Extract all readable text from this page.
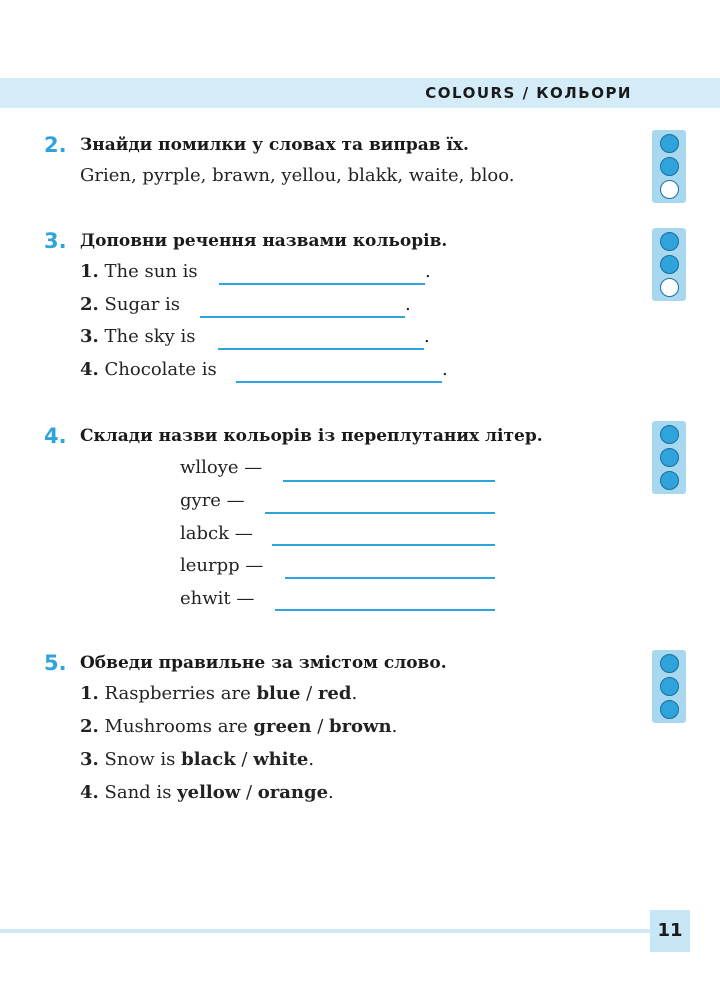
COLOURS / КОЛЬОРИ
2. Знайди помилки у словах та виправ їх.
Grien, pyrple, brawn, yellou, blakk, waite, bloo.
3. Доповни речення назвами кольорів.
1. The sun is	.
2. Sugar is	.
3. The sky is	.
4. Chocolate is	.
4. Склади назви кольорів із переплутаних літер.
wlloye —
gyre —
labck —
leurpp —
ehwit —
5. Обведи правильне за змістом слово.
1. Raspberries are blue / red.
2. Mushrooms are green / brown.
3. Snow is black / white.
4. Sand is yellow / orange.
11
